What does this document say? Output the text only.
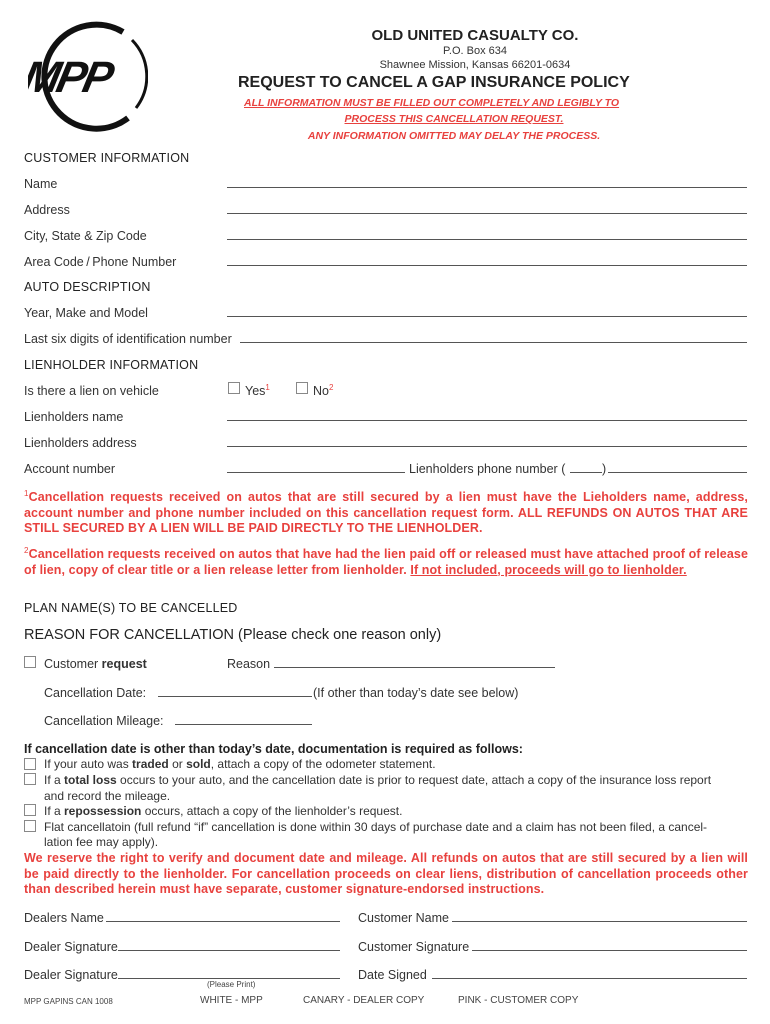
MPP
OLD UNITED CASUALTY CO.
P.O. Box 634
Shawnee Mission, Kansas 66201-0634
REQUEST TO CANCEL A GAP INSURANCE POLICY
ALL INFORMATION MUST BE FILLED OUT COMPLETELY AND LEGIBLY TO
PROCESS THIS CANCELLATION REQUEST.
ANY INFORMATION OMITTED MAY DELAY THE PROCESS.
CUSTOMER INFORMATION
Name
Address
City, State & Zip Code
Area Code / Phone Number
AUTO DESCRIPTION
Year, Make and Model
Last six digits of identification number
LIENHOLDER INFORMATION
Is there a lien on vehicle	Yes$^1$	No$^2$
Lienholders name
Lienholders address
Account number	Lienholders phone number (	)
$^1$Cancellation requests received on autos that are still secured by a lien must have the Lieholders name, address, account number and phone number included on this cancellation request form. ALL REFUNDS ON AUTOS THAT ARE STILL SECURED BY A LIEN WILL BE PAID DIRECTLY TO THE LIENHOLDER.
$^2$Cancellation requests received on autos that have had the lien paid off or released must have attached proof of release of lien, copy of clear title or a lien release letter from lienholder. If not included, proceeds will go to lienholder.
PLAN NAME(S) TO BE CANCELLED
REASON FOR CANCELLATION (Please check one reason only)
Customer request	Reason
Cancellation Date:	(If other than today’s date see below)
Cancellation Mileage:
If cancellation date is other than today’s date, documentation is required as follows:
If your auto was traded or sold, attach a copy of the odometer statement.
If a total loss occurs to your auto, and the cancellation date is prior to request date, attach a copy of the insurance loss report
and record the mileage.
If a repossession occurs, attach a copy of the lienholder’s request.
Flat cancellatoin (full refund “if” cancellation is done within 30 days of purchase date and a claim has not been filed, a cancel-
lation fee may apply).
We reserve the right to verify and document date and mileage. All refunds on autos that are still secured by a lien will be paid directly to the lienholder. For cancellation proceeds on clear liens, distribution of cancellation proceeds other than described herein must have separate, customer signature-endorsed instructions.
Dealers Name	Customer Name
Dealer Signature	Customer Signature
Dealer Signature	Date Signed
(Please Print)
MPP GAPINS CAN 1008	WHITE - MPP	CANARY - DEALER COPY	PINK - CUSTOMER COPY
